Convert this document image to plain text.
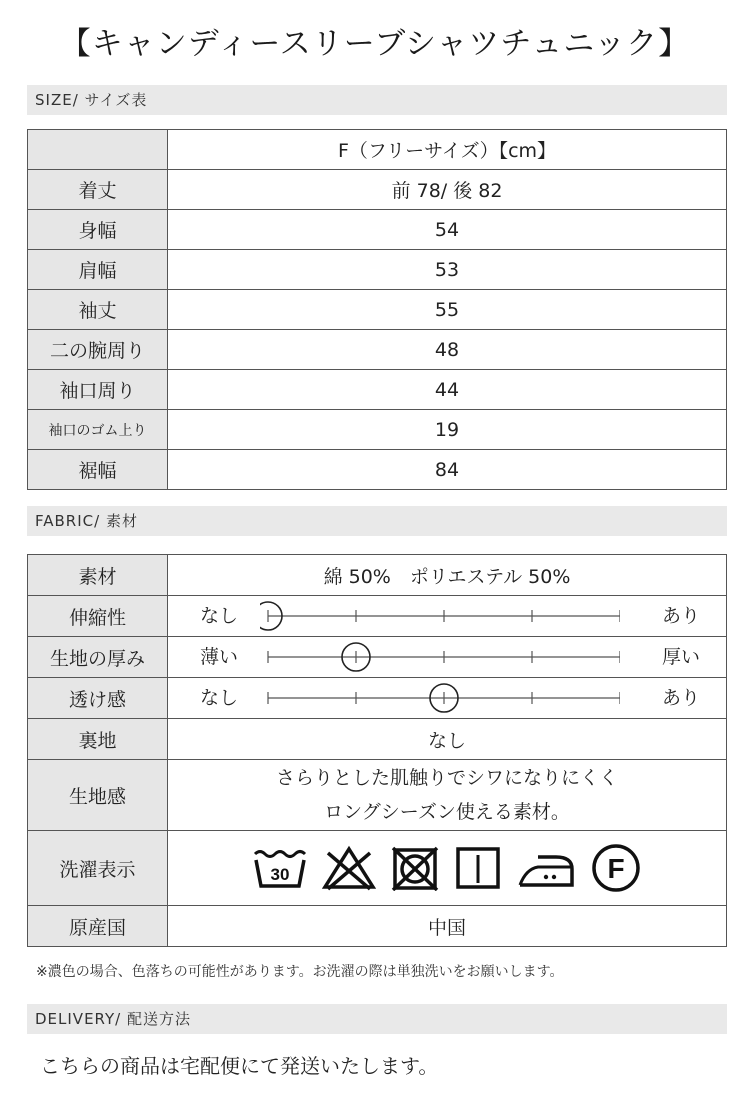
【キャンディースリーブシャツチュニック】
SIZE/ サイズ表
	F（フリーサイズ）【cm】
着丈	前 78/ 後 82
身幅	54
肩幅	53
袖丈	55
二の腕周り	48
袖口周り	44
袖口のゴム上り	19
裾幅	84
FABRIC/ 素材
素材	綿 50%　ポリエステル 50%
伸縮性	なし あり

生地の厚み	薄い 厚い

透け感	なし あり

裏地	なし
生地感	さらりとした肌触りでシワになりにくく
ロングシーズン使える素材。

洗濯表示	30 F

原産国	中国
※濃色の場合、色落ちの可能性があります。お洗濯の際は単独洗いをお願いします。
DELIVERY/ 配送方法
こちらの商品は宅配便にて発送いたします。
